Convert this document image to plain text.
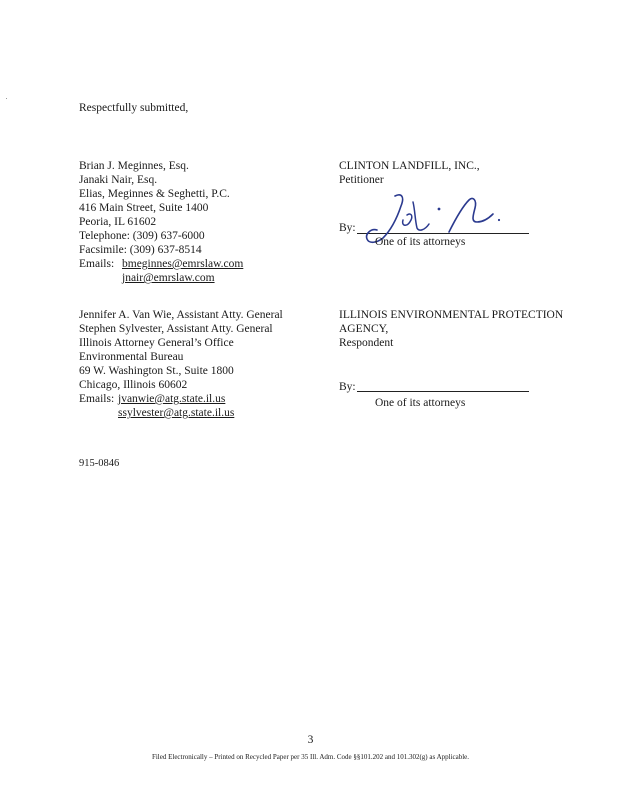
Respectfully submitted,
Brian J. Meginnes, Esq.
Janaki Nair, Esq.
Elias, Meginnes & Seghetti, P.C.
416 Main Street, Suite 1400
Peoria, IL 61602
Telephone: (309) 637-6000
Facsimile: (309) 637-8514
Emails: bmeginnes@emrslaw.com
jnair@emrslaw.com
CLINTON LANDFILL, INC.,
Petitioner
By:
One of its attorneys
Jennifer A. Van Wie, Assistant Atty. General
Stephen Sylvester, Assistant Atty. General
Illinois Attorney General’s Office
Environmental Bureau
69 W. Washington St., Suite 1800
Chicago, Illinois 60602
Emails: jvanwie@atg.state.il.us
ssylvester@atg.state.il.us
ILLINOIS ENVIRONMENTAL PROTECTION
AGENCY,
Respondent
By:
One of its attorneys
915-0846
3
Filed Electronically – Printed on Recycled Paper per 35 Ill. Adm. Code §§101.202 and 101.302(g) as Applicable.
